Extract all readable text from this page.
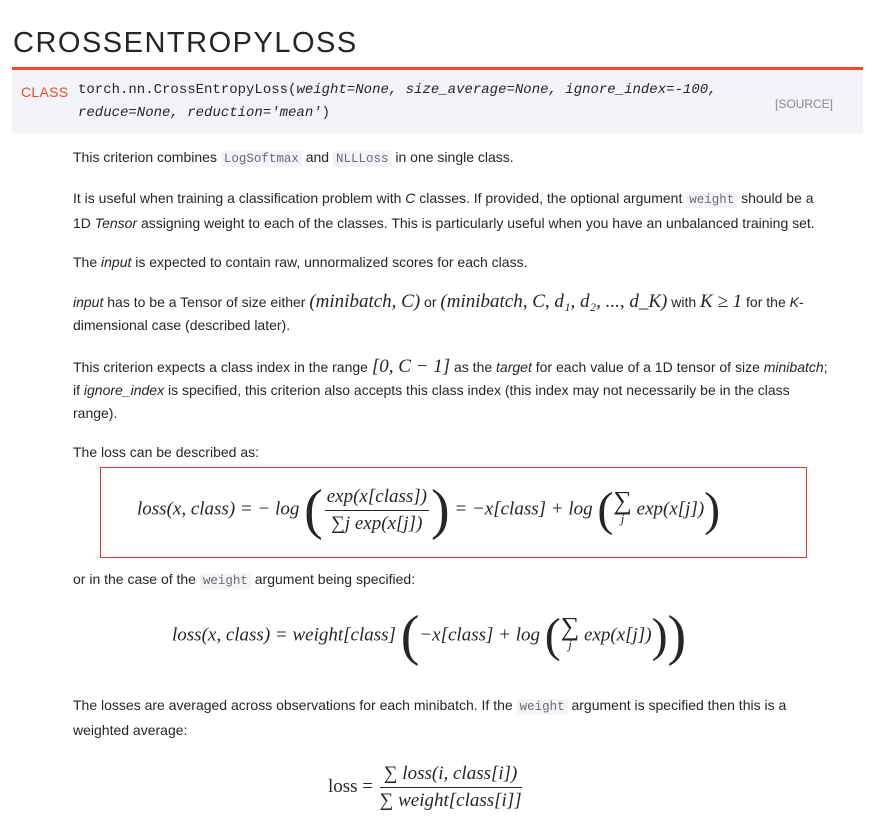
CROSSENTROPYLOSS
CLASS torch.nn.CrossEntropyLoss(weight=None, size_average=None, ignore_index=-100,
reduce=None, reduction='mean')
[SOURCE]

This criterion combines LogSoftmax and NLLLoss in one single class.

It is useful when training a classification problem with C classes. If provided, the optional argument weight should be a
1D Tensor assigning weight to each of the classes. This is particularly useful when you have an unbalanced training set.

The input is expected to contain raw, unnormalized scores for each class.

input has to be a Tensor of size either (minibatch, C) or (minibatch, C, d₁, d₂, ..., d_K) with K ≥ 1 for the K-
dimensional case (described later).

This criterion expects a class index in the range [0, C − 1] as the target for each value of a 1D tensor of size minibatch;
if ignore_index is specified, this criterion also accepts this class index (this index may not necessarily be in the class
range).

The loss can be described as:

loss(x, class) = − log ( $\frac{\text{exp(x[class])}}{\text{∑j exp(x[j])}}$ ) = −x[class] + log ( ∑
j exp(x[j]))

or in the case of the weight argument being specified:

loss(x, class) = weight[class] (−x[class] + log ( ∑
j exp(x[j])))

The losses are averaged across observations for each minibatch. If the weight argument is specified then this is a
weighted average:

loss = $\frac{\text{∑ loss(i, class[i])}}{\text{∑ weight[class[i]]}}$
